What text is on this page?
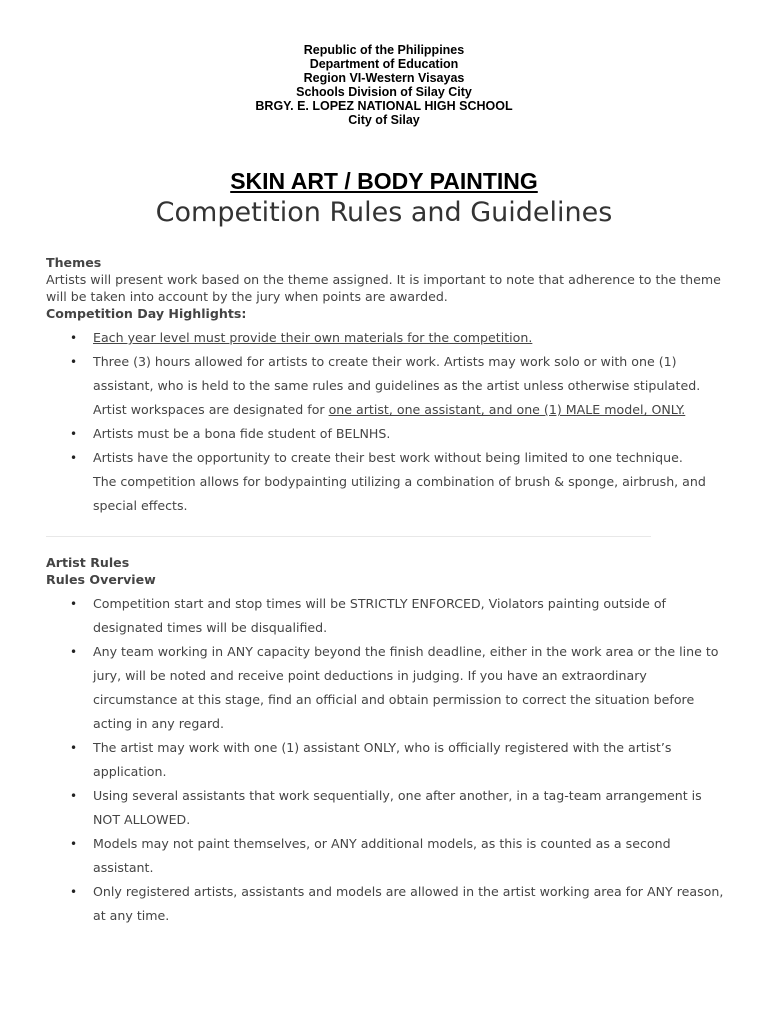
Republic of the Philippines
Department of Education
Region VI-Western Visayas
Schools Division of Silay City
BRGY. E. LOPEZ NATIONAL HIGH SCHOOL
City of Silay
SKIN ART / BODY PAINTING
Competition Rules and Guidelines
Themes
Artists will present work based on the theme assigned. It is important to note that adherence to the theme will be taken into account by the jury when points are awarded.
Competition Day Highlights:
• Each year level must provide their own materials for the competition.
• Three (3) hours allowed for artists to create their work. Artists may work solo or with one (1) assistant, who is held to the same rules and guidelines as the artist unless otherwise stipulated. Artist workspaces are designated for one artist, one assistant, and one (1) MALE model, ONLY.
• Artists must be a bona fide student of BELNHS.
• Artists have the opportunity to create their best work without being limited to one technique.
The competition allows for bodypainting utilizing a combination of brush & sponge, airbrush, and special effects.
Artist Rules
Rules Overview
• Competition start and stop times will be STRICTLY ENFORCED, Violators painting outside of designated times will be disqualified.
• Any team working in ANY capacity beyond the finish deadline, either in the work area or the line to jury, will be noted and receive point deductions in judging. If you have an extraordinary circumstance at this stage, find an official and obtain permission to correct the situation before acting in any regard.
• The artist may work with one (1) assistant ONLY, who is officially registered with the artist’s application.
• Using several assistants that work sequentially, one after another, in a tag-team arrangement is NOT ALLOWED.
• Models may not paint themselves, or ANY additional models, as this is counted as a second assistant.
• Only registered artists, assistants and models are allowed in the artist working area for ANY reason, at any time.
